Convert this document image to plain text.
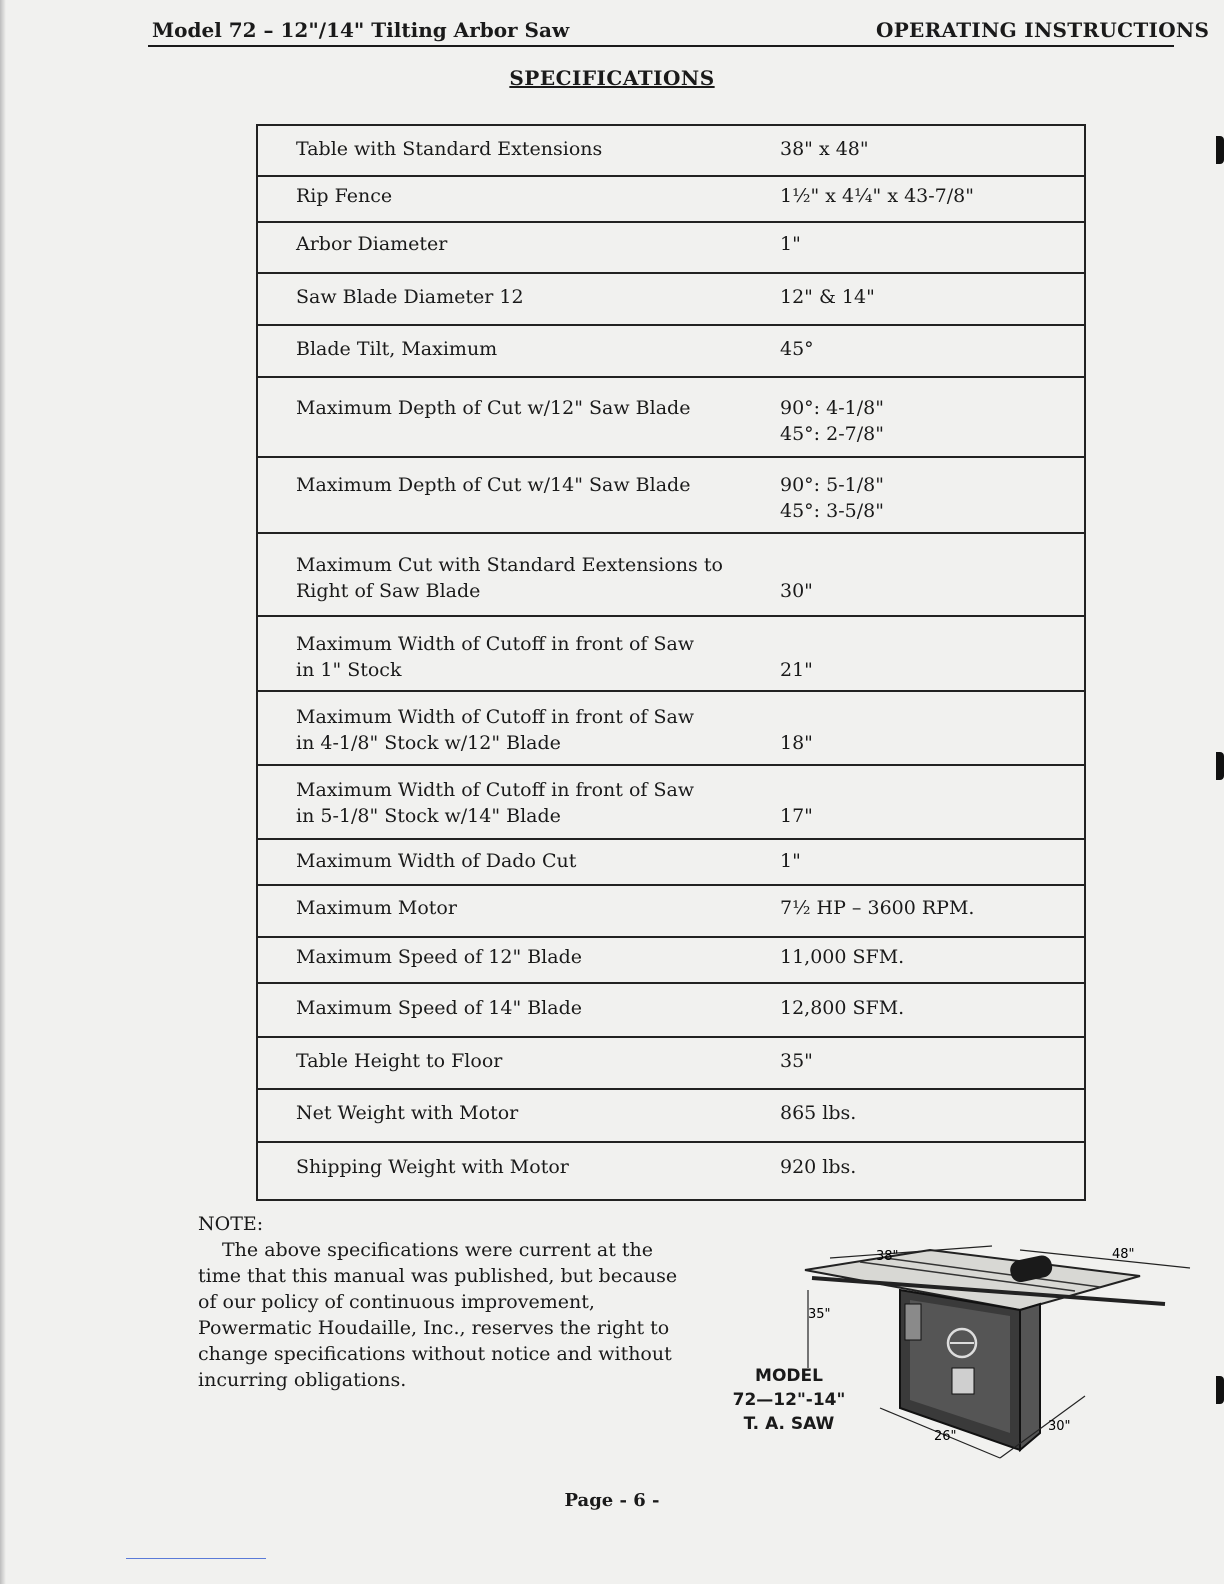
Model 72 – 12"/14" Tilting Arbor Saw	OPERATING INSTRUCTIONS
SPECIFICATIONS
Table with Standard Extensions	38" x 48"
Rip Fence	1½" x 4¼" x 43-7/8"
Arbor Diameter	1"
Saw Blade Diameter 12	12" & 14"
Blade Tilt, Maximum	45°
Maximum Depth of Cut w/12" Saw Blade	90°: 4-1/8"
45°: 2-7/8"
Maximum Depth of Cut w/14" Saw Blade	90°: 5-1/8"
45°: 3-5/8"
Maximum Cut with Standard Eextensions to
Right of Saw Blade	30"
Maximum Width of Cutoff in front of Saw
in 1" Stock	21"
Maximum Width of Cutoff in front of Saw
in 4-1/8" Stock w/12" Blade	18"
Maximum Width of Cutoff in front of Saw
in 5-1/8" Stock w/14" Blade	17"
Maximum Width of Dado Cut	1"
Maximum Motor	7½ HP – 3600 RPM.
Maximum Speed of 12" Blade	11,000 SFM.
Maximum Speed of 14" Blade	12,800 SFM.
Table Height to Floor	35"
Net Weight with Motor	865 lbs.
Shipping Weight with Motor	920 lbs.
NOTE:

The above specifications were current at the time that this manual was published, but because of our policy of continuous improvement, Powermatic Houdaille, Inc., reserves the right to change specifications without notice and without incurring obligations.

38"	48"
35"
26"
30"
MODEL
72—12"-14"
T. A. SAW
Page - 6 -
